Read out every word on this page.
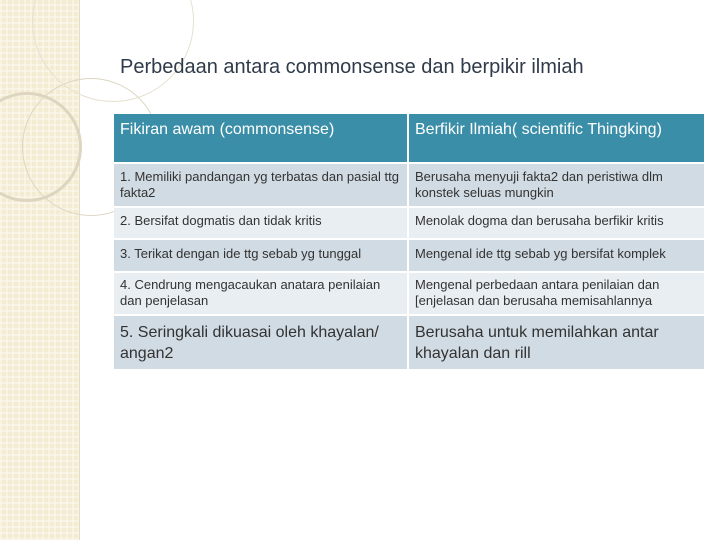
Perbedaan antara commonsense dan berpikir ilmiah
Fikiran awam (commonsense)	Berfikir Ilmiah( scientific Thingking)
1. Memiliki pandangan yg terbatas dan pasial ttg fakta2	Berusaha menyuji fakta2 dan peristiwa dlm konstek seluas mungkin
2. Bersifat dogmatis dan tidak kritis	Menolak dogma dan berusaha berfikir kritis
3. Terikat dengan ide ttg sebab yg tunggal	Mengenal ide ttg sebab yg bersifat komplek
4. Cendrung mengacaukan anatara penilaian dan penjelasan	Mengenal perbedaan antara penilaian dan [enjelasan dan berusaha memisahlannya
5. Seringkali dikuasai oleh khayalan/ angan2	Berusaha untuk memilahkan antar khayalan dan rill
